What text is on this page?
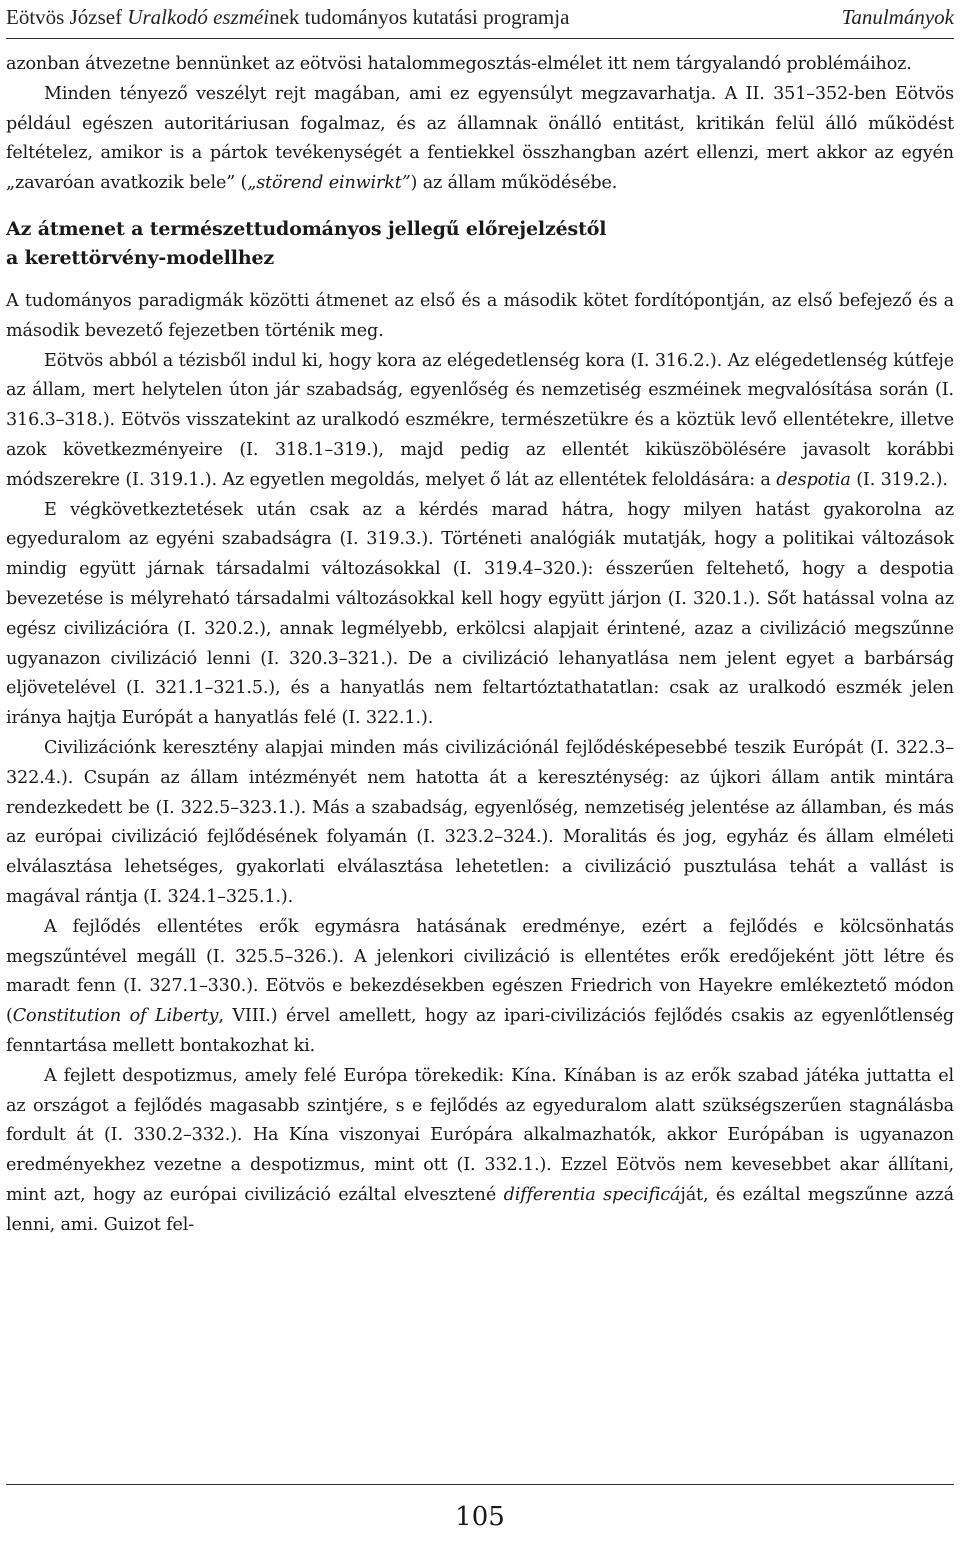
Eötvös József Uralkodó eszméinek tudományos kutatási programja	Tanulmányok

azonban átvezetne bennünket az eötvösi hatalommegosztás-elmélet itt nem tárgyalandó problémáihoz.

Minden tényező veszélyt rejt magában, ami ez egyensúlyt megzavarhatja. A II. 351–352-ben Eötvös például egészen autoritáriusan fogalmaz, és az államnak önálló entitást, kritikán felül álló működést feltételez, amikor is a pártok tevékenységét a fentiekkel összhangban azért ellenzi, mert akkor az egyén „zavaróan avatkozik bele” („störend einwirkt”) az állam működésébe.

Az átmenet a természettudományos jellegű előrejelzéstől
a kerettörvény-modellhez

A tudományos paradigmák közötti átmenet az első és a második kötet fordítópontján, az első befejező és a második bevezető fejezetben történik meg.

Eötvös abból a tézisből indul ki, hogy kora az elégedetlenség kora (I. 316.2.). Az elégedetlenség kútfeje az állam, mert helytelen úton jár szabadság, egyenlőség és nemzetiség eszméinek megvalósítása során (I. 316.3–318.). Eötvös visszatekint az uralkodó eszmékre, természetükre és a köztük levő ellentétekre, illetve azok következményeire (I. 318.1–319.), majd pedig az ellentét kiküszöbölésére javasolt korábbi módszerekre (I. 319.1.). Az egyetlen megoldás, melyet ő lát az ellentétek feloldására: a despotia (I. 319.2.).

E végkövetkeztetések után csak az a kérdés marad hátra, hogy milyen hatást gyakorolna az egyeduralom az egyéni szabadságra (I. 319.3.). Történeti analógiák mutatják, hogy a politikai változások mindig együtt járnak társadalmi változásokkal (I. 319.4–320.): ésszerűen feltehető, hogy a despotia bevezetése is mélyreható társadalmi változásokkal kell hogy együtt járjon (I. 320.1.). Sőt hatással volna az egész civilizációra (I. 320.2.), annak legmélyebb, erkölcsi alapjait érintené, azaz a civilizáció megszűnne ugyanazon civilizáció lenni (I. 320.3–321.). De a civilizáció lehanyatlása nem jelent egyet a barbárság eljövetelével (I. 321.1–321.5.), és a hanyatlás nem feltartóztathatatlan: csak az uralkodó eszmék jelen iránya hajtja Európát a hanyatlás felé (I. 322.1.).

Civilizációnk keresztény alapjai minden más civilizációnál fejlődésképesebbé teszik Európát (I. 322.3–322.4.). Csupán az állam intézményét nem hatotta át a kereszténység: az újkori állam antik mintára rendezkedett be (I. 322.5–323.1.). Más a szabadság, egyenlőség, nemzetiség jelentése az államban, és más az európai civilizáció fejlődésének folyamán (I. 323.2–324.). Moralitás és jog, egyház és állam elméleti elválasztása lehetséges, gyakorlati elválasztása lehetetlen: a civilizáció pusztulása tehát a vallást is magával rántja (I. 324.1–325.1.).

A fejlődés ellentétes erők egymásra hatásának eredménye, ezért a fejlődés e kölcsönhatás megszűntével megáll (I. 325.5–326.). A jelenkori civilizáció is ellentétes erők eredőjeként jött létre és maradt fenn (I. 327.1–330.). Eötvös e bekezdésekben egészen Friedrich von Hayekre emlékeztető módon (Constitution of Liberty, VIII.) érvel amellett, hogy az ipari-civilizációs fejlődés csakis az egyenlőtlenség fenntartása mellett bontakozhat ki.

A fejlett despotizmus, amely felé Európa törekedik: Kína. Kínában is az erők szabad játéka juttatta el az országot a fejlődés magasabb szintjére, s e fejlődés az egyeduralom alatt szükségszerűen stagnálásba fordult át (I. 330.2–332.). Ha Kína viszonyai Európára alkalmazhatók, akkor Európában is ugyanazon eredményekhez vezetne a despotizmus, mint ott (I. 332.1.). Ezzel Eötvös nem kevesebbet akar állítani, mint azt, hogy az európai civilizáció ezáltal elvesztené differentia specificáját, és ezáltal megszűnne azzá lenni, ami. Guizot fel-

105
